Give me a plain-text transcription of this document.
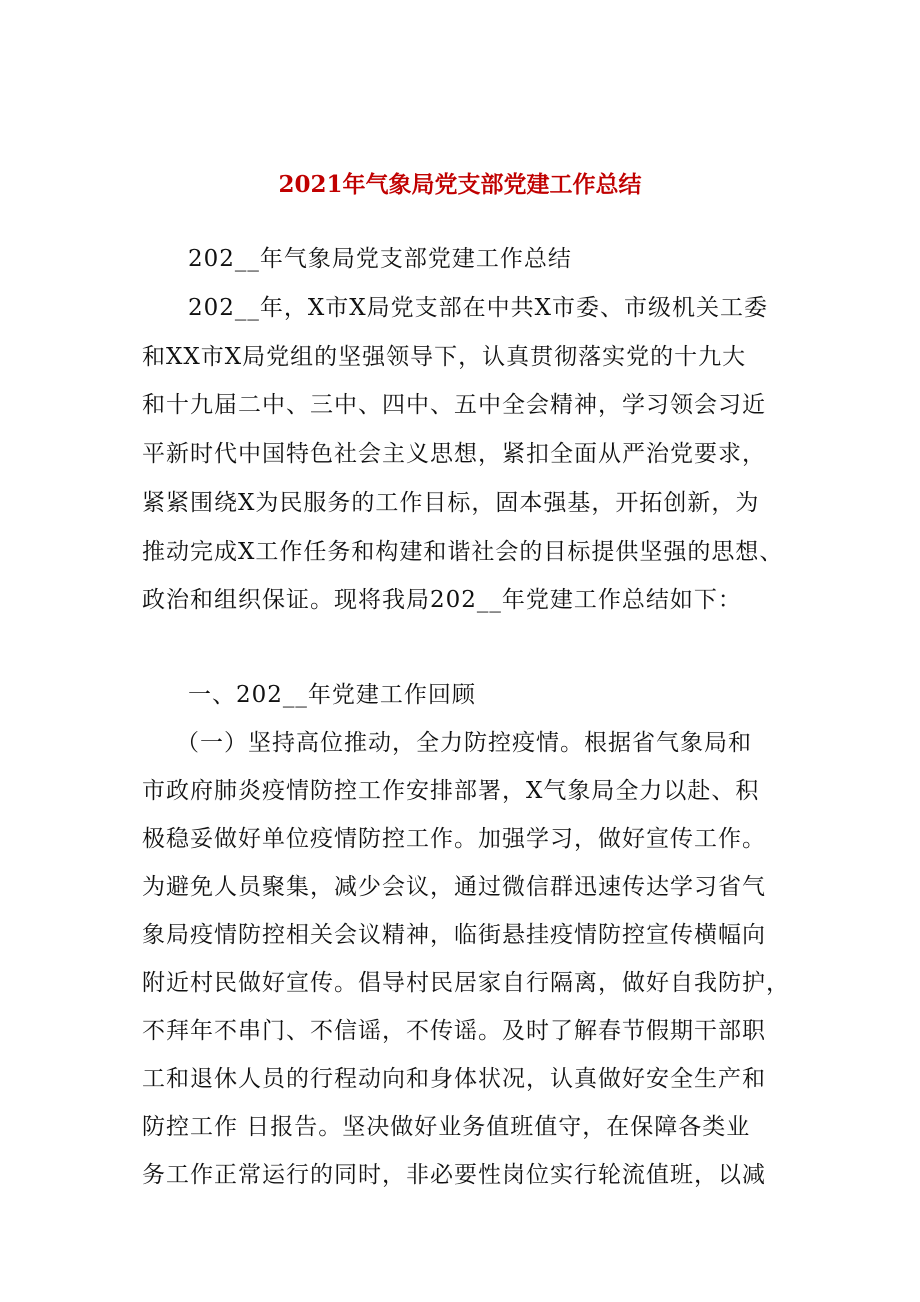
2021年气象局党支部党建工作总结
202__年气象局党支部党建工作总结
202__年，X市X局党支部在中共X市委、市级机关工委
和XX市X局党组的坚强领导下，认真贯彻落实党的十九大
和十九届二中、三中、四中、五中全会精神，学习领会习近
平新时代中国特色社会主义思想，紧扣全面从严治党要求，
紧紧围绕X为民服务的工作目标，固本强基，开拓创新，为
推动完成X工作任务和构建和谐社会的目标提供坚强的思想、
政治和组织保证。现将我局202__年党建工作总结如下：
一、202__年党建工作回顾
（一）坚持高位推动，全力防控疫情。根据省气象局和
市政府肺炎疫情防控工作安排部署，X气象局全力以赴、积
极稳妥做好单位疫情防控工作。加强学习，做好宣传工作。
为避免人员聚集，减少会议，通过微信群迅速传达学习省气
象局疫情防控相关会议精神，临街悬挂疫情防控宣传横幅向
附近村民做好宣传。倡导村民居家自行隔离，做好自我防护，
不拜年不串门、不信谣，不传谣。及时了解春节假期干部职
工和退休人员的行程动向和身体状况，认真做好安全生产和
防控工作 日报告。坚决做好业务值班值守，在保障各类业
务工作正常运行的同时，非必要性岗位实行轮流值班，以减
